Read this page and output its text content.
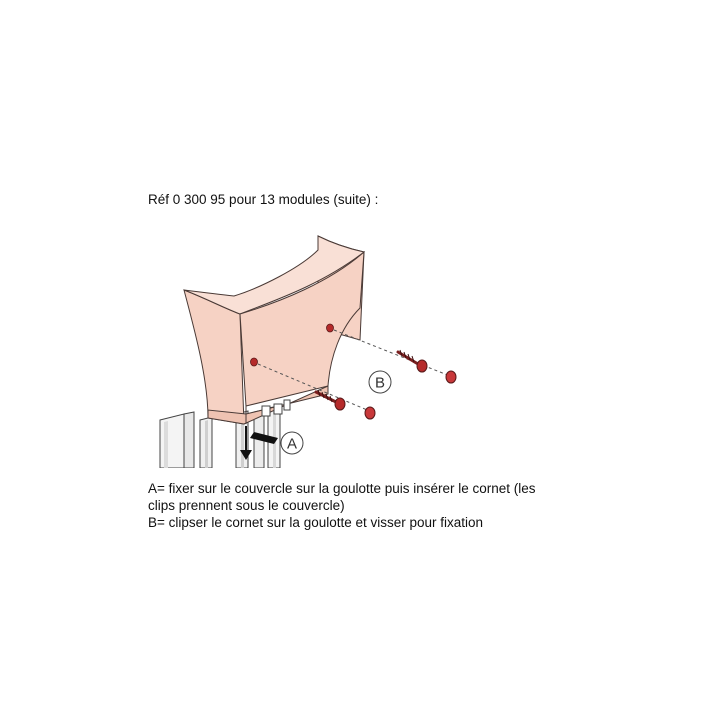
Réf 0 300 95 pour 13 modules (suite) :
A
B
A= fixer sur le couvercle sur la goulotte puis insérer le cornet (les
clips prennent sous le couvercle)
B= clipser le cornet sur la goulotte et visser pour fixation
